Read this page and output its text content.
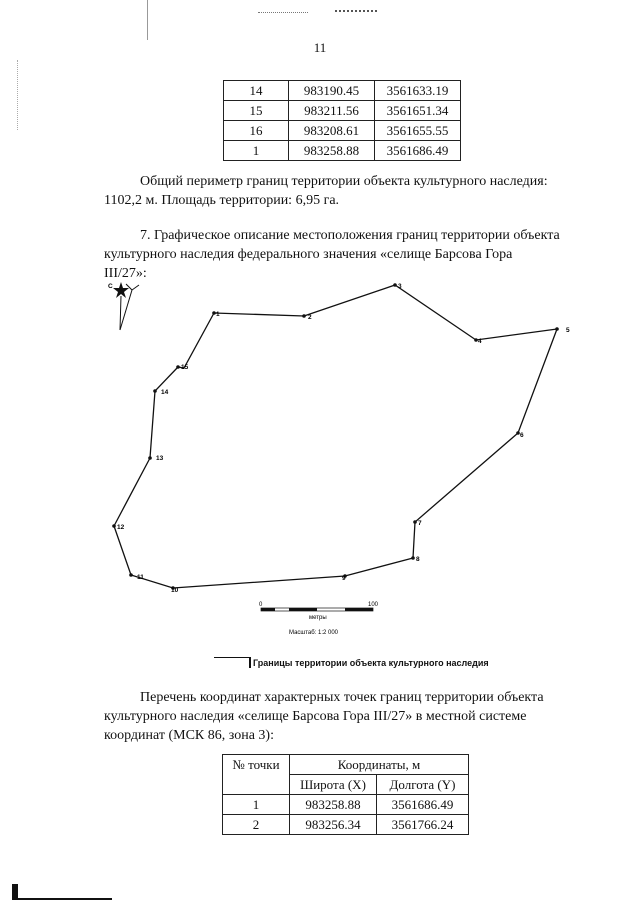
11
14	983190.45	3561633.19
15	983211.56	3561651.34
16	983208.61	3561655.55
1	983258.88	3561686.49
Общий периметр границ территории объекта культурного наследия:
1102,2 м. Площадь территории: 6,95 га.
7. Графическое описание местоположения границ территории объекта
культурного наследия федерального значения «селище Барсова Гора
III/27»:
С	3
2
4
5
6
7
8
9
10
11
12
13
14
15
1
0	100
метры
Масштаб: 1:2 000
Границы территории объекта культурного наследия
Перечень координат характерных точек границ территории объекта
культурного наследия «селище Барсова Гора III/27» в местной системе
координат (МСК 86, зона 3):
№ точки	Координаты, м	
	Широта (X)	Долгота (Y)
1	983258.88	3561686.49
2	983256.34	3561766.24
